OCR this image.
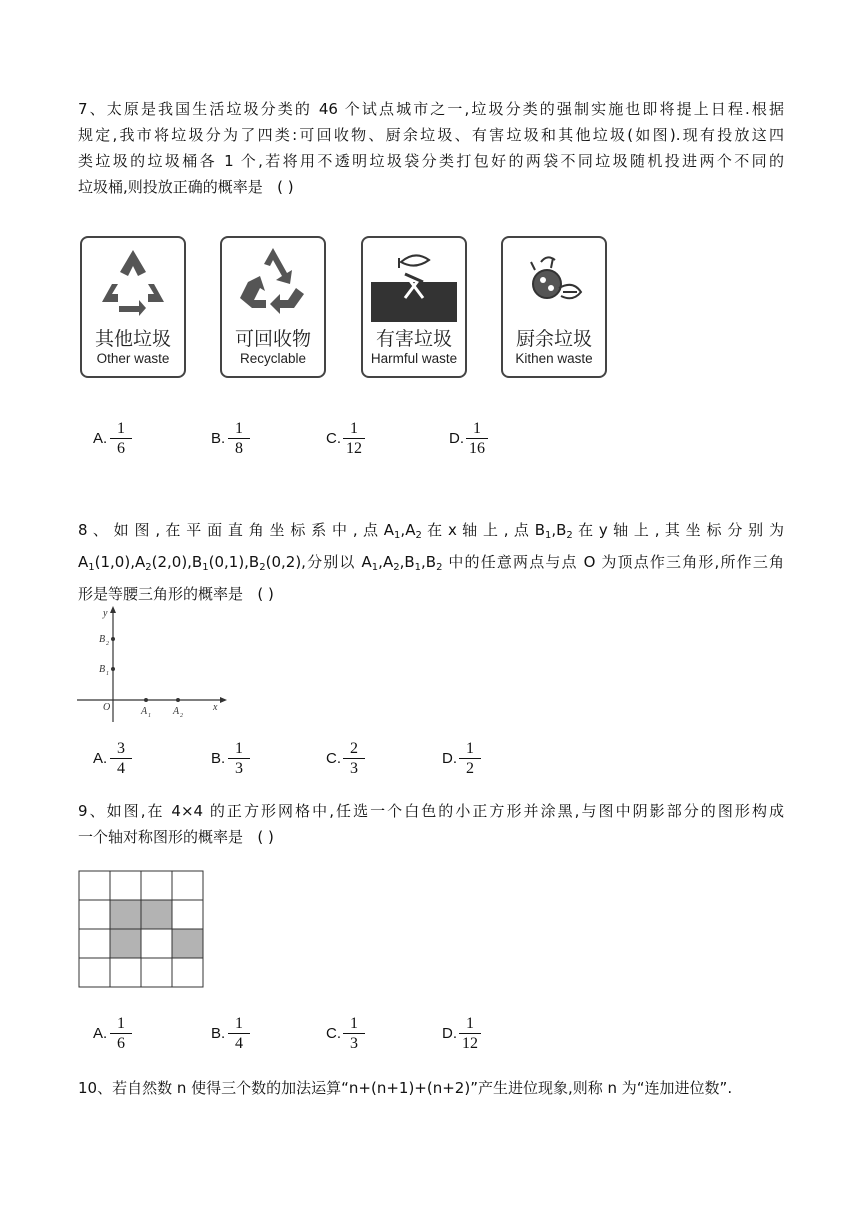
7、太原是我国生活垃圾分类的 46 个试点城市之一,垃圾分类的强制实施也即将提上日程.根据

规定,我市将垃圾分为了四类:可回收物、厨余垃圾、有害垃圾和其他垃圾(如图).现有投放这四

类垃圾的垃圾桶各 1 个,若将用不透明垃圾袋分类打包好的两袋不同垃圾随机投进两个不同的

垃圾桶,则投放正确的概率是 ( )

其他垃圾
Other waste
可回收物
Recyclable
有害垃圾
Harmful waste
厨余垃圾
Kithen waste
A.
1
6
B.
1
8
C.
1
12
D.
1
16

8 、 如 图 , 在 平 面 直 角 坐 标 系 中 , 点 $A_1,A_2$ 在 x 轴 上 , 点 $B_1,B_2$ 在 y 轴 上 , 其 坐 标 分 别 为

$A_1(1,0),A_2(2,0),B_1(0,1),B_2(0,2)$,分别以 $A_1,A_2,B_1,B_2$ 中的任意两点与点 O 为顶点作三角形,所作三角

形是等腰三角形的概率是 ( )

y
x
O
B 2
B 1
A 1 A 2
A.
3
4
B.
1
3
C.
2
3
D.
1
2

9、如图,在 4×4 的正方形网格中,任选一个白色的小正方形并涂黑,与图中阴影部分的图形构成

一个轴对称图形的概率是 ( )

A.
1
6
B.
1
4
C.
1
3
D.
1
12

10、若自然数 n 使得三个数的加法运算“n+(n+1)+(n+2)”产生进位现象,则称 n 为“连加进位数”.
